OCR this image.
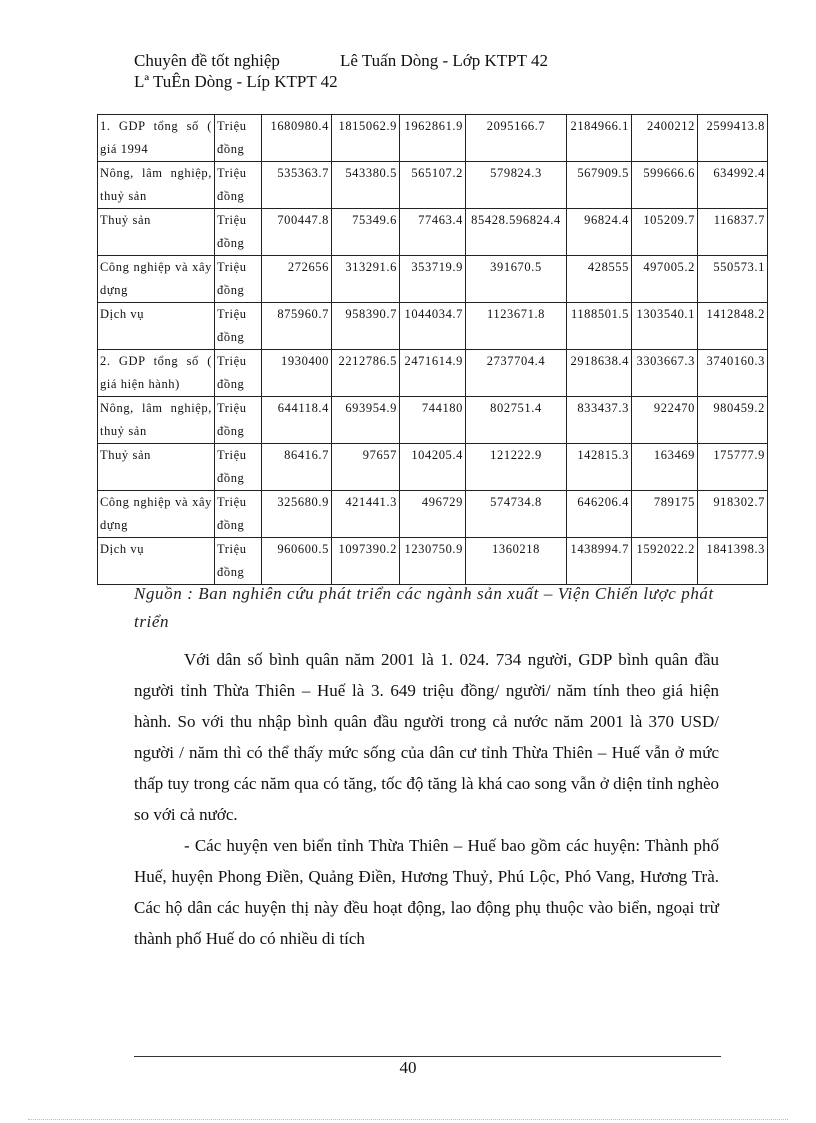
Chuyên đề tốt nghiệp	Lê Tuấn Dòng - Lớp KTPT 42
Lª TuÊn Dòng - Líp KTPT 42
1. GDP tổng số ( giá 1994	Triệu đồng	1680980.4	1815062.9	1962861.9	2095166.7	2184966.1	2400212	2599413.8
Nông, lâm nghiệp, thuỷ sản	Triệu đồng	535363.7	543380.5	565107.2	579824.3	567909.5	599666.6	634992.4
Thuỷ sản	Triệu đồng	700447.8	75349.6	77463.4	85428.596824.4	96824.4	105209.7	116837.7
Công nghiệp và xây dựng	Triệu đồng	272656	313291.6	353719.9	391670.5	428555	497005.2	550573.1
Dịch vụ	Triệu đồng	875960.7	958390.7	1044034.7	1123671.8	1188501.5	1303540.1	1412848.2
2. GDP tổng số ( giá hiện hành)	Triệu đồng	1930400	2212786.5	2471614.9	2737704.4	2918638.4	3303667.3	3740160.3
Nông, lâm nghiệp, thuỷ sản	Triệu đồng	644118.4	693954.9	744180	802751.4	833437.3	922470	980459.2
Thuỷ sản	Triệu đồng	86416.7	97657	104205.4	121222.9	142815.3	163469	175777.9
Công nghiệp và xây dựng	Triệu đồng	325680.9	421441.3	496729	574734.8	646206.4	789175	918302.7
Dịch vụ	Triệu đồng	960600.5	1097390.2	1230750.9	1360218	1438994.7	1592022.2	1841398.3
Nguồn : Ban nghiên cứu phát triển các ngành sản xuất – Viện Chiến lược phát triển

Với dân số bình quân năm 2001 là 1. 024. 734 người, GDP bình quân đầu người tỉnh Thừa Thiên – Huế là 3. 649 triệu đồng/ người/ năm tính theo giá hiện hành. So với thu nhập bình quân đầu người trong cả nước năm 2001 là 370 USD/ người / năm thì có thể thấy mức sống của dân cư tỉnh Thừa Thiên – Huế vẫn ở mức thấp tuy trong các năm qua có tăng, tốc độ tăng là khá cao song vẫn ở diện tỉnh nghèo so với cả nước.

- Các huyện ven biển tỉnh Thừa Thiên – Huế bao gồm các huyện: Thành phố Huế, huyện Phong Điền, Quảng Điền, Hương Thuỷ, Phú Lộc, Phó Vang, Hương Trà. Các hộ dân các huyện thị này đều hoạt động, lao động phụ thuộc vào biển, ngoại trừ thành phố Huế do có nhiều di tích

40
